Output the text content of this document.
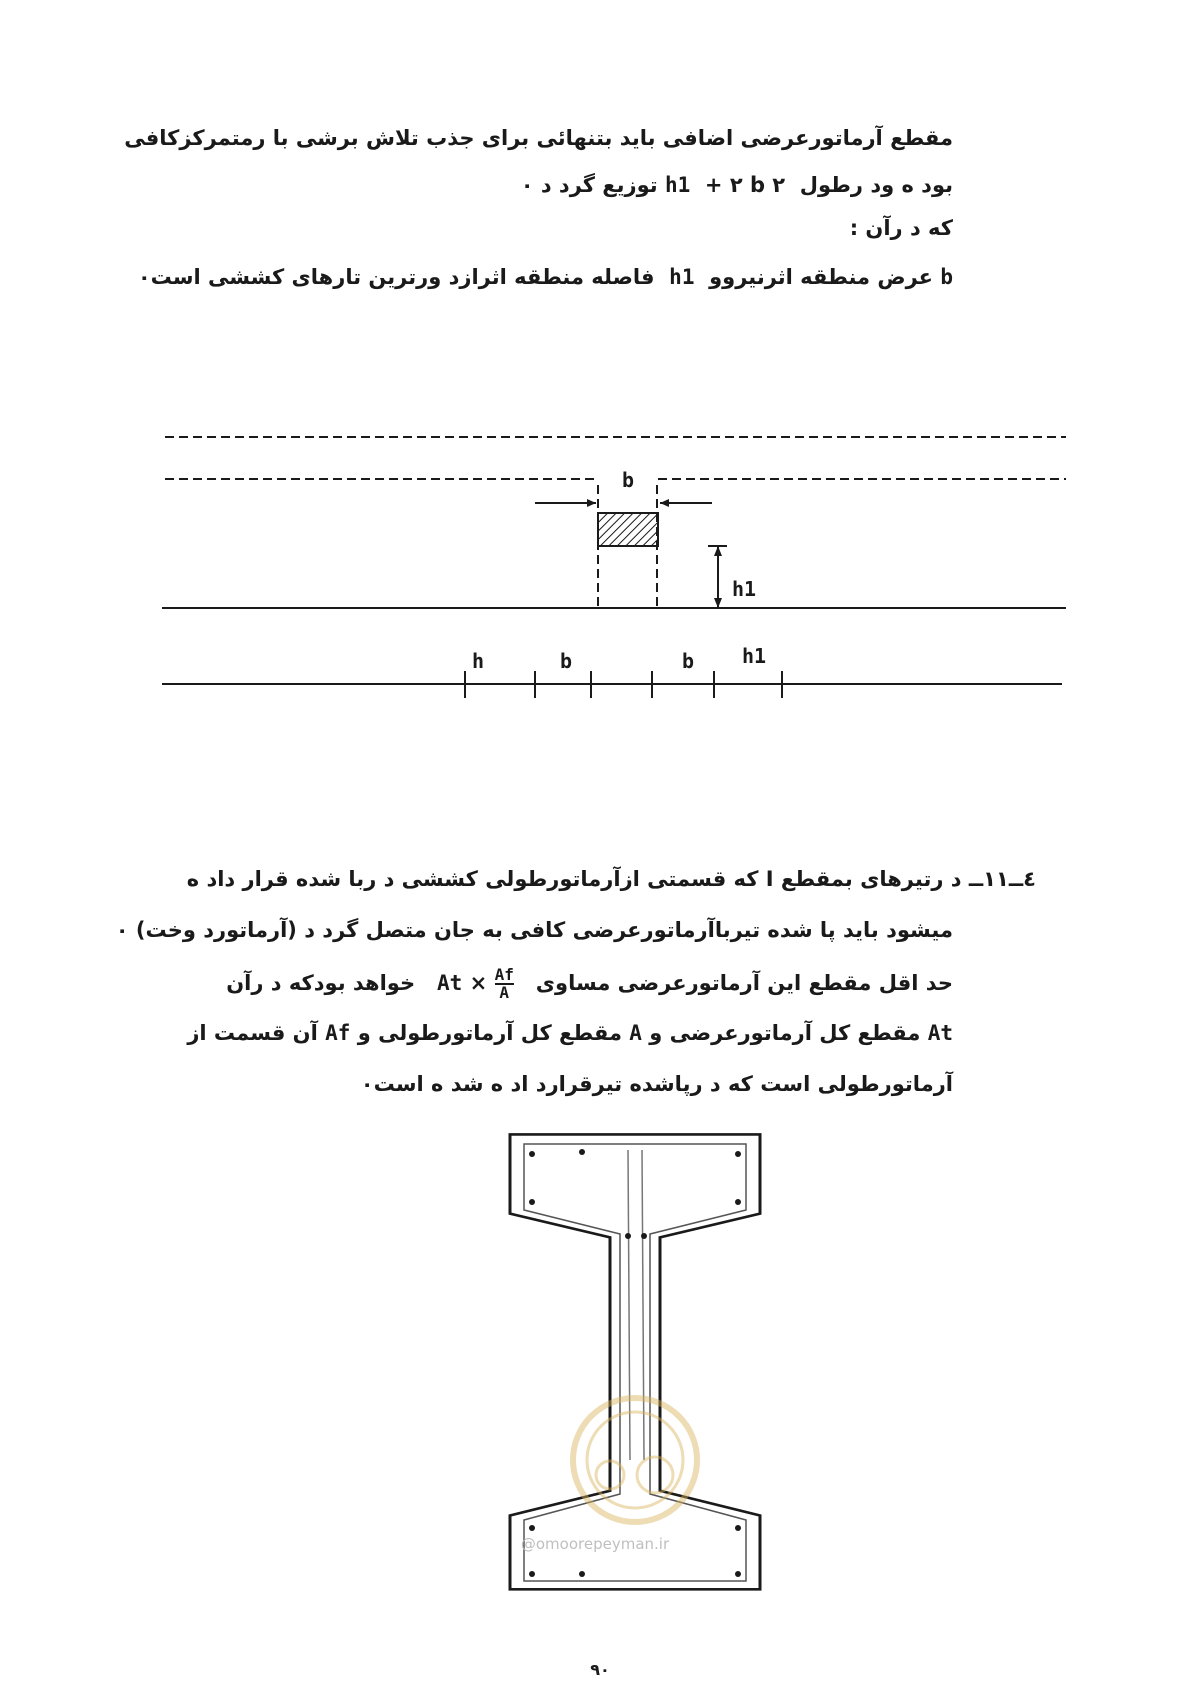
مقطع آرماتورعرضی اضافی باید بتنهائی برای جذب تلاش برشی با رمتمرکزکافی
بود ه ود رطول  h1 + ۲ b ۲ توزیع گرد د ٠
که د رآن :
b عرض منطقه اثرنیروو  h1  فاصله منطقه اثرازد ورترین تارهای کششی است٠
b
h1
h	b	b h1
٤ــ۱۱ــ د رتیرهای بمقطع I که قسمتی ازآرماتورطولی کششی د ربا شده قرار داد ه
میشود باید پا شده تیرباآرماتورعرضی کافی به جان متصل گرد د (آرماتورد وخت) ٠
حد اقل مقطع این آرماتورعرضی مساوی
$\frac{Af}{A}$
× At   خواهد بودکه د رآن
At مقطع کل آرماتورعرضی و A مقطع کل آرماتورطولی و Af آن قسمت از
آرماتورطولی است که د رپاشده تیرقرارد اد ه شد ه است٠
@omoorepeyman.ir
۹۰
